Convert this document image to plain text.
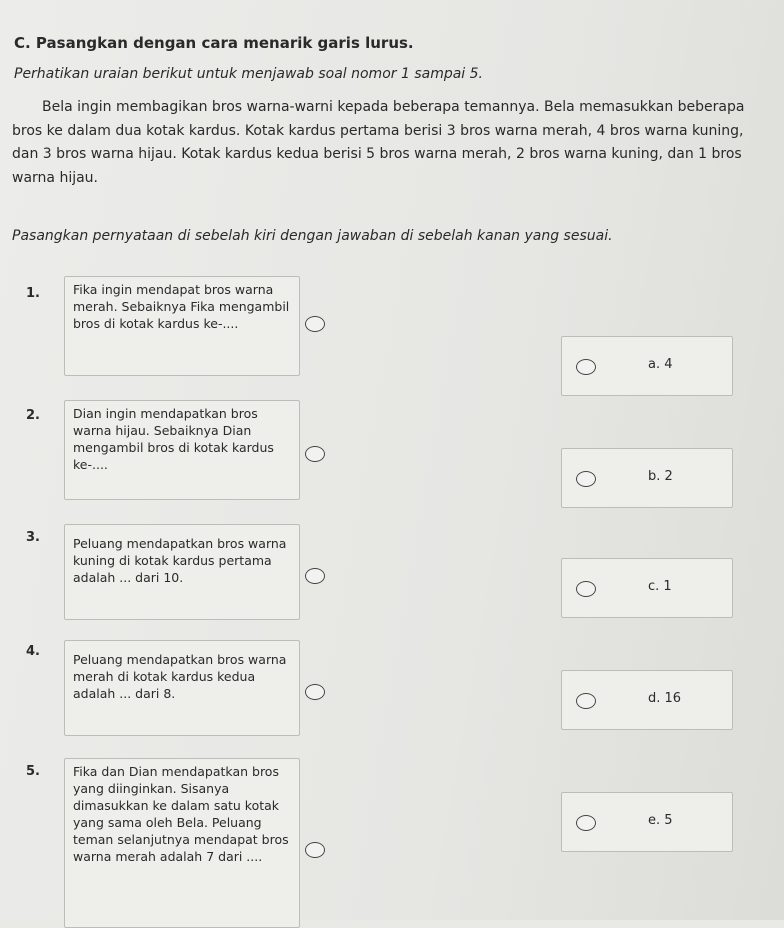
C. Pasangkan dengan cara menarik garis lurus.
Perhatikan uraian berikut untuk menjawab soal nomor 1 sampai 5.
Bela ingin membagikan bros warna-warni kepada beberapa temannya. Bela memasukkan beberapa bros ke dalam dua kotak kardus. Kotak kardus pertama berisi 3 bros warna merah, 4 bros warna kuning, dan 3 bros warna hijau. Kotak kardus kedua berisi 5 bros warna merah, 2 bros warna kuning, dan 1 bros warna hijau.
Pasangkan pernyataan di sebelah kiri dengan jawaban di sebelah kanan yang sesuai.
1.	Fika ingin mendapat bros warna merah. Sebaiknya Fika mengambil bros di kotak kardus ke-....
2.	Dian ingin mendapatkan bros warna hijau. Sebaiknya Dian mengambil bros di kotak kardus ke-....
3.	Peluang mendapatkan bros warna kuning di kotak kardus pertama adalah ... dari 10.
4.
Peluang mendapatkan bros warna merah di kotak kardus kedua adalah ... dari 8.
5.	Fika dan Dian mendapatkan bros yang diinginkan. Sisanya dimasukkan ke dalam satu kotak yang sama oleh Bela. Peluang teman selanjutnya mendapat bros warna merah adalah 7 dari ....
a. 4
b. 2
c. 1
d. 16
e. 5
